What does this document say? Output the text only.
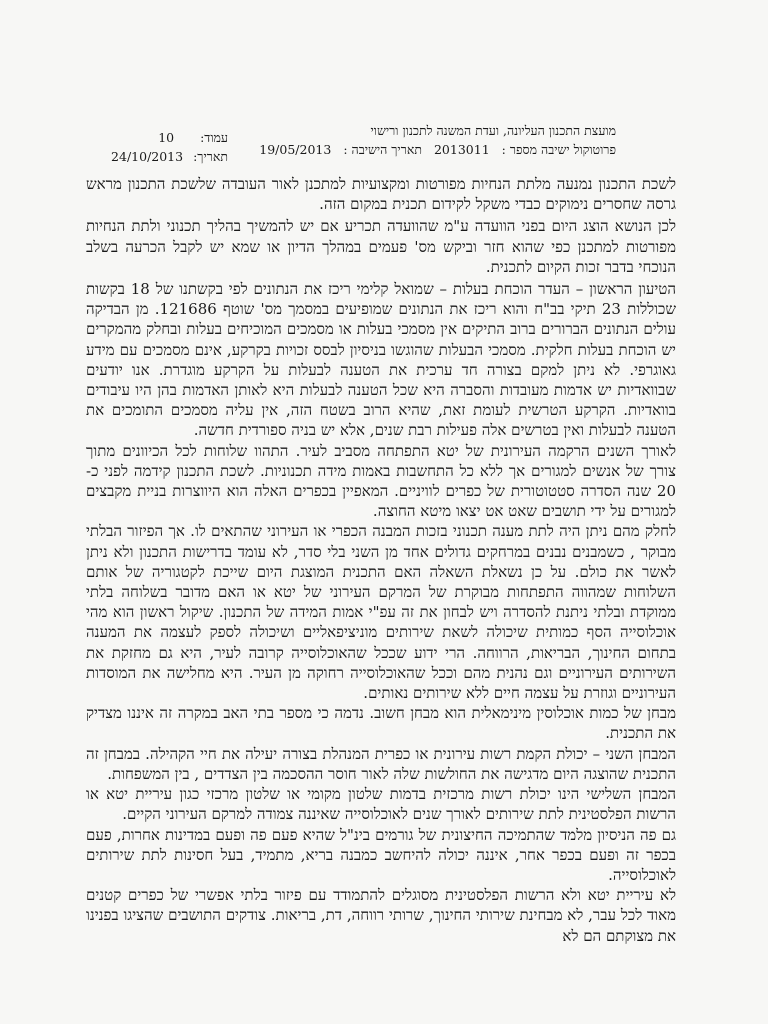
מועצת התכנון העליונה, ועדת המשנה לתכנון ורישוי
פרוטוקול ישיבה מספר :
2013011
תאריך הישיבה :
19/05/2013
עמוד:
10
תאריך:
24/10/2013

לשכת התכנון נמנעה מלתת הנחיות מפורטות ומקצועיות למתכנן לאור העובדה שלשכת התכנון מראש גרסה שחסרים נימוקים כבדי משקל לקידום תכנית במקום הזה.

לכן הנושא הוצג היום בפני הוועדה ע"מ שהוועדה תכריע אם יש להמשיך בהליך תכנוני ולתת הנחיות מפורטות למתכנן כפי שהוא חזר וביקש מס' פעמים במהלך הדיון או שמא יש לקבל הכרעה בשלב הנוכחי בדבר זכות הקיום לתכנית.

הטיעון הראשון – העדר הוכחת בעלות – שמואל קלימי ריכז את הנתונים לפי בקשתנו של 18 בקשות שכוללות 23 תיקי בב"ח והוא ריכז את הנתונים שמופיעים במסמך מס' שוטף 121686. מן הבדיקה עולים הנתונים הברורים ברוב התיקים אין מסמכי בעלות או מסמכים המוכיחים בעלות ובחלק מהמקרים יש הוכחת בעלות חלקית. מסמכי הבעלות שהוגשו בניסיון לבסס זכויות בקרקע, אינם מסמכים עם מידע גאוגרפי. לא ניתן למקם בצורה חד ערכית את הטענה לבעלות על הקרקע מוגדרת. אנו יודעים שבוואדיות יש אדמות מעובדות והסברה היא שכל הטענה לבעלות היא לאותן האדמות בהן היו עיבודים בוואדיות. הקרקע הטרשית לעומת זאת, שהיא הרוב בשטח הזה, אין עליה מסמכים התומכים את הטענה לבעלות ואין בטרשים אלה פעילות רבת שנים, אלא יש בניה ספורדית חדשה.

לאורך השנים הרקמה העירונית של יטא התפתחה מסביב לעיר. התהוו שלוחות לכל הכיוונים מתוך צורך של אנשים למגורים אך ללא כל התחשבות באמות מידה תכנוניות. לשכת התכנון קידמה לפני כ- 20 שנה הסדרה סטטוטורית של כפרים לוויניים. המאפיין בכפרים האלה הוא היווצרות בניית מקבצים למגורים על ידי תושבים שאט אט יצאו מיטא החוצה.

לחלק מהם ניתן היה לתת מענה תכנוני בזכות המבנה הכפרי או העירוני שהתאים לו. אך הפיזור הבלתי מבוקר , כשמבנים נבנים במרחקים גדולים אחד מן השני בלי סדר, לא עומד בדרישות התכנון ולא ניתן לאשר את כולם. על כן נשאלת השאלה האם התכנית המוצגת היום שייכת לקטגוריה של אותם השלוחות שמהווה התפתחות מבוקרת של המרקם העירוני של יטא או האם מדובר בשלוחה בלתי ממוקדת ובלתי ניתנת להסדרה ויש לבחון את זה עפ"י אמות המידה של התכנון. שיקול ראשון הוא מהי אוכלוסייה הסף כמותית שיכולה לשאת שירותים מוניציפאליים ושיכולה לספק לעצמה את המענה בתחום החינוך, הבריאות, הרווחה. הרי ידוע שככל שהאוכלוסייה קרובה לעיר, היא גם מחזקת את השירותים העירוניים וגם נהנית מהם וככל שהאוכלוסייה רחוקה מן העיר. היא מחלישה את המוסדות העירוניים וגוזרת על עצמה חיים ללא שירותים נאותים.

מבחן של כמות אוכלוסין מינימאלית הוא מבחן חשוב. נדמה כי מספר בתי האב במקרה זה איננו מצדיק את התכנית.

המבחן השני – יכולת הקמת רשות עירונית או כפרית המנהלת בצורה יעילה את חיי הקהילה. במבחן זה התכנית שהוצגה היום מדגישה את החולשות שלה לאור חוסר ההסכמה בין הצדדים , בין המשפחות.

המבחן השלישי הינו יכולת רשות מרכזית בדמות שלטון מקומי או שלטון מרכזי כגון עיריית יטא או הרשות הפלסטינית לתת שירותים לאורך שנים לאוכלוסייה שאיננה צמודה למרקם העירוני הקיים.

גם פה הניסיון מלמד שהתמיכה החיצונית של גורמים בינ"ל שהיא פעם פה ופעם במדינות אחרות, פעם בכפר זה ופעם בכפר אחר, איננה יכולה להיחשב כמבנה בריא, מתמיד, בעל חסינות לתת שירותים לאוכלוסייה.

לא עיריית יטא ולא הרשות הפלסטינית מסוגלים להתמודד עם פיזור בלתי אפשרי של כפרים קטנים מאוד לכל עבר, לא מבחינת שירותי החינוך, שרותי רווחה, דת, בריאות. צודקים התושבים שהציגו בפנינו את מצוקתם הם לא
